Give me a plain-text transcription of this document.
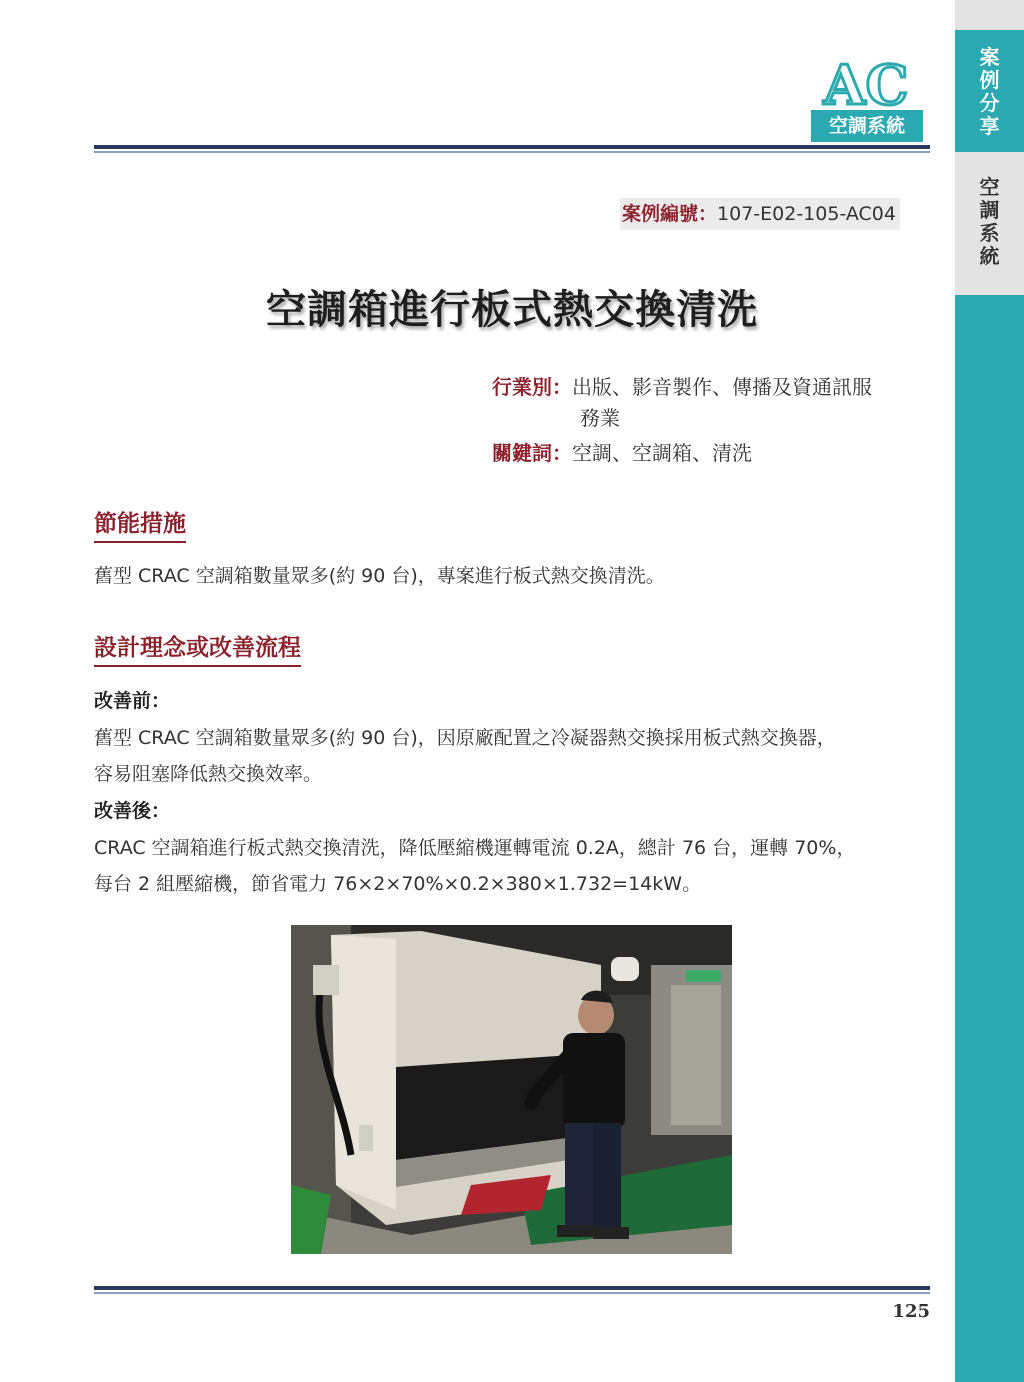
案
例
分
享
空
調
系
統
AC
空調系統
案例編號：107-E02-105-AC04
空調箱進行板式熱交換清洗
行業別：出版、影音製作、傳播及資通訊服
務業
關鍵詞：空調、空調箱、清洗
節能措施
舊型 CRAC 空調箱數量眾多(約 90 台)，專案進行板式熱交換清洗。
設計理念或改善流程
改善前：
舊型 CRAC 空調箱數量眾多(約 90 台)，因原廠配置之冷凝器熱交換採用板式熱交換器，
容易阻塞降低熱交換效率。
改善後：
CRAC 空調箱進行板式熱交換清洗，降低壓縮機運轉電流 0.2A，總計 76 台，運轉 70%，
每台 2 組壓縮機，節省電力 76×2×70%×0.2×380×1.732=14kW。
125
